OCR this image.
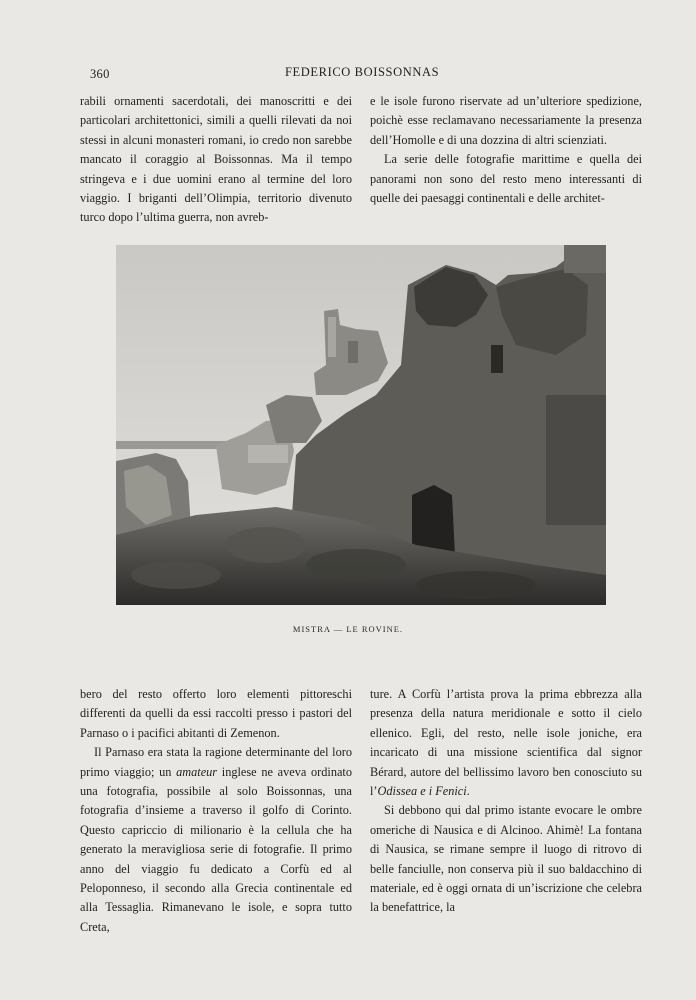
360	FEDERICO BOISSONNAS

rabili ornamenti sacerdotali, dei manoscritti e dei particolari architettonici, simili a quelli rilevati da noi stessi in alcuni monasteri romani, io credo non sarebbe mancato il coraggio al Boissonnas. Ma il tempo stringeva e i due uomini erano al termine del loro viaggio. I briganti dell’Olimpia, territorio divenuto turco dopo l’ultima guerra, non avreb-

e le isole furono riservate ad un’ulteriore spedizione, poichè esse reclamavano necessariamente la presenza dell’Homolle e di una dozzina di altri scienziati.

La serie delle fotografie marittime e quella dei panorami non sono del resto meno interessanti di quelle dei paesaggi continentali e delle architet-

MISTRA — LE ROVINE.

bero del resto offerto loro elementi pittoreschi differenti da quelli da essi raccolti presso i pastori del Parnaso o i pacifici abitanti di Zemenon.

Il Parnaso era stata la ragione determinante del loro primo viaggio; un amateur inglese ne aveva ordinato una fotografia, possibile al solo Boissonnas, una fotografia d’insieme a traverso il golfo di Corinto. Questo capriccio di milionario è la cellula che ha generato la meravigliosa serie di fotografie. Il primo anno del viaggio fu dedicato a Corfù ed al Peloponneso, il secondo alla Grecia continentale ed alla Tessaglia. Rimanevano le isole, e sopra tutto Creta,

ture. A Corfù l’artista prova la prima ebbrezza alla presenza della natura meridionale e sotto il cielo ellenico. Egli, del resto, nelle isole joniche, era incaricato di una missione scientifica dal signor Bérard, autore del bellissimo lavoro ben conosciuto su l’Odissea e i Fenici.

Si debbono qui dal primo istante evocare le ombre omeriche di Nausica e di Alcinoo. Ahimè! La fontana di Nausica, se rimane sempre il luogo di ritrovo di belle fanciulle, non conserva più il suo baldacchino di materiale, ed è oggi ornata di un’iscrizione che celebra la benefattrice, la
